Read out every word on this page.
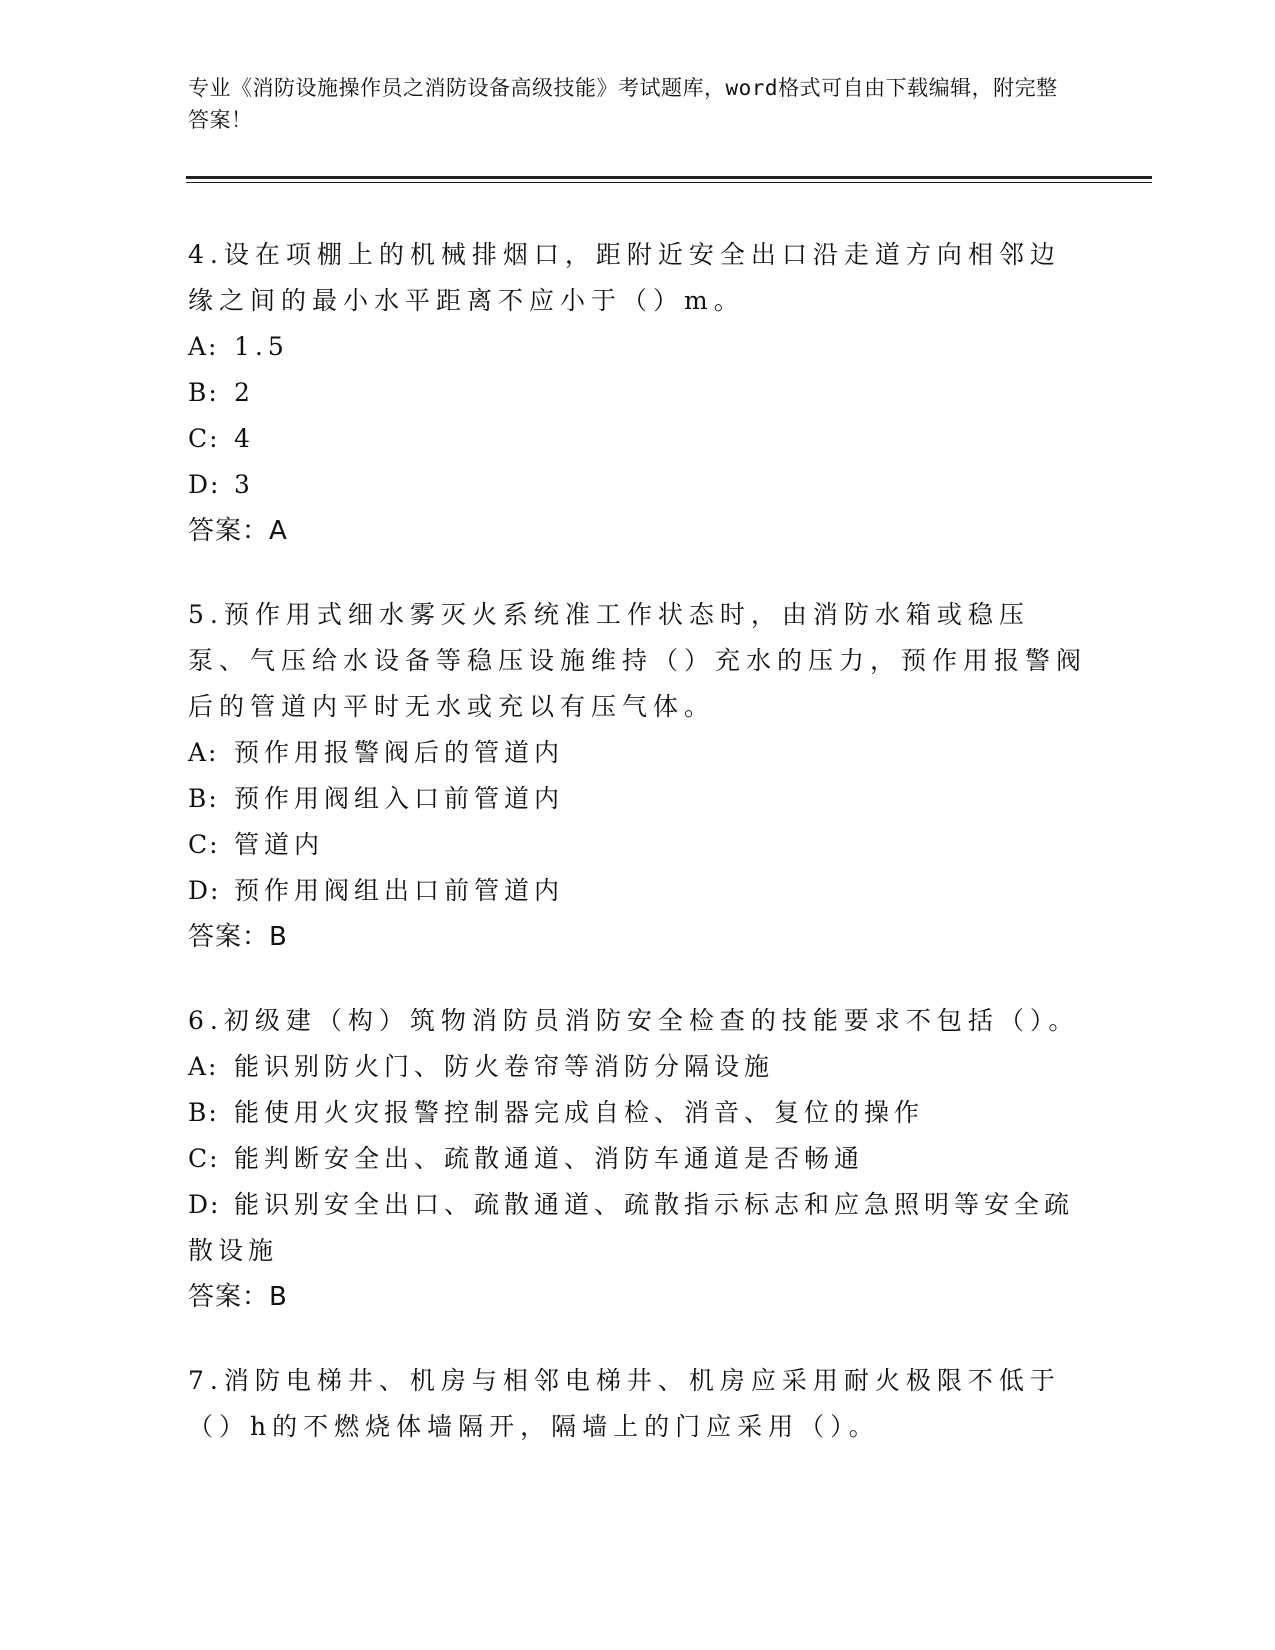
专业《消防设施操作员之消防设备高级技能》考试题库，word格式可自由下载编辑，附完整答案！
4.设在项棚上的机械排烟口，距附近安全出口沿走道方向相邻边缘之间的最小水平距离不应小于（）m。
A: 1.5
B: 2
C: 4
D: 3
答案：A
5.预作用式细水雾灭火系统准工作状态时，由消防水箱或稳压泵、气压给水设备等稳压设施维持（）充水的压力，预作用报警阀后的管道内平时无水或充以有压气体。
A: 预作用报警阀后的管道内
B: 预作用阀组入口前管道内
C: 管道内
D: 预作用阀组出口前管道内
答案：B
6.初级建（构）筑物消防员消防安全检查的技能要求不包括（）。
A: 能识别防火门、防火卷帘等消防分隔设施
B: 能使用火灾报警控制器完成自检、消音、复位的操作
C: 能判断安全出、疏散通道、消防车通道是否畅通
D: 能识别安全出口、疏散通道、疏散指示标志和应急照明等安全疏散设施
答案：B
7.消防电梯井、机房与相邻电梯井、机房应采用耐火极限不低于（）h的不燃烧体墙隔开，隔墙上的门应采用（）。
